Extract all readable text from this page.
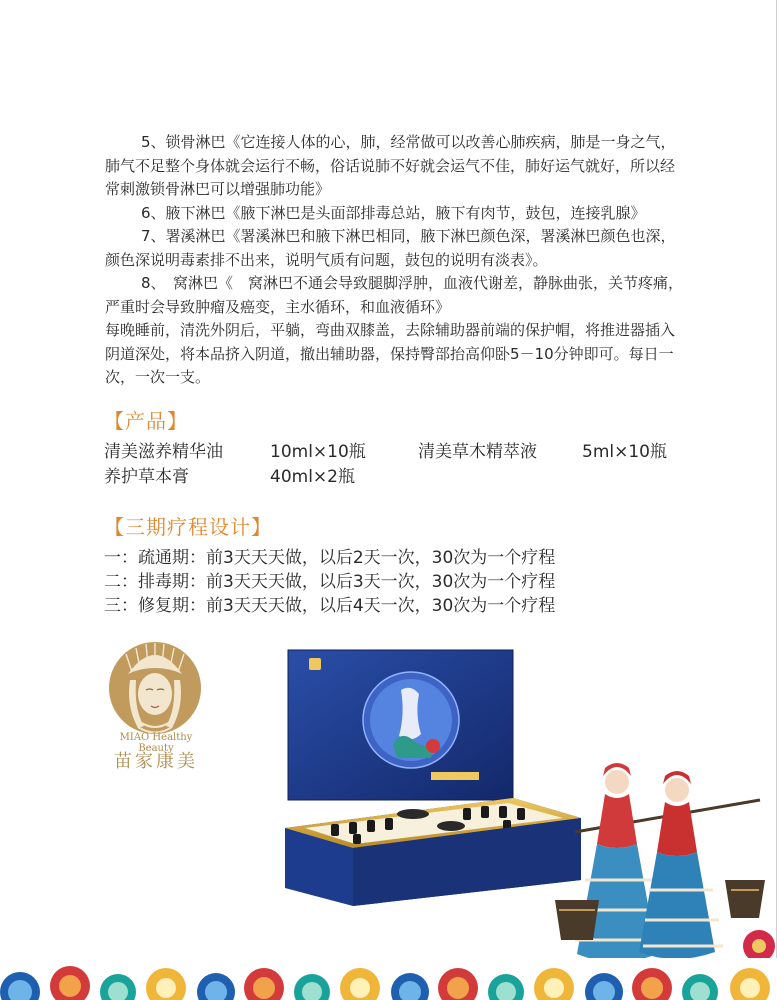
5、锁骨淋巴《它连接人体的心，肺，经常做可以改善心肺疾病，肺是一身之气，肺气不足整个身体就会运行不畅，俗话说肺不好就会运气不佳，肺好运气就好，所以经常刺激锁骨淋巴可以增强肺功能》

6、腋下淋巴《腋下淋巴是头面部排毒总站，腋下有肉节，鼓包，连接乳腺》

7、署溪淋巴《署溪淋巴和腋下淋巴相同，腋下淋巴颜色深，署溪淋巴颜色也深，颜色深说明毒素排不出来，说明气质有问题，鼓包的说明有淡表》。

8、　窝淋巴《　窝淋巴不通会导致腿脚浮肿，血液代谢差，静脉曲张，关节疼痛，严重时会导致肿瘤及癌变，主水循环，和血液循环》

每晚睡前，清洗外阴后，平躺，弯曲双膝盖，去除辅助器前端的保护帽，将推进器插入阴道深处，将本品挤入阴道，撤出辅助器，保持臀部抬高仰卧5－10分钟即可。每日一次，一次一支。

【产品】
清美滋养精华油	10ml×10瓶	清美草木精萃液	5ml×10瓶
养护草本膏	40ml×2瓶
【三期疗程设计】
一：疏通期：前3天天天做，以后2天一次，30次为一个疗程
二：排毒期：前3天天天做，以后3天一次，30次为一个疗程
三：修复期：前3天天天做，以后4天一次，30次为一个疗程
MIAO Healthy Beauty
苗家康美
